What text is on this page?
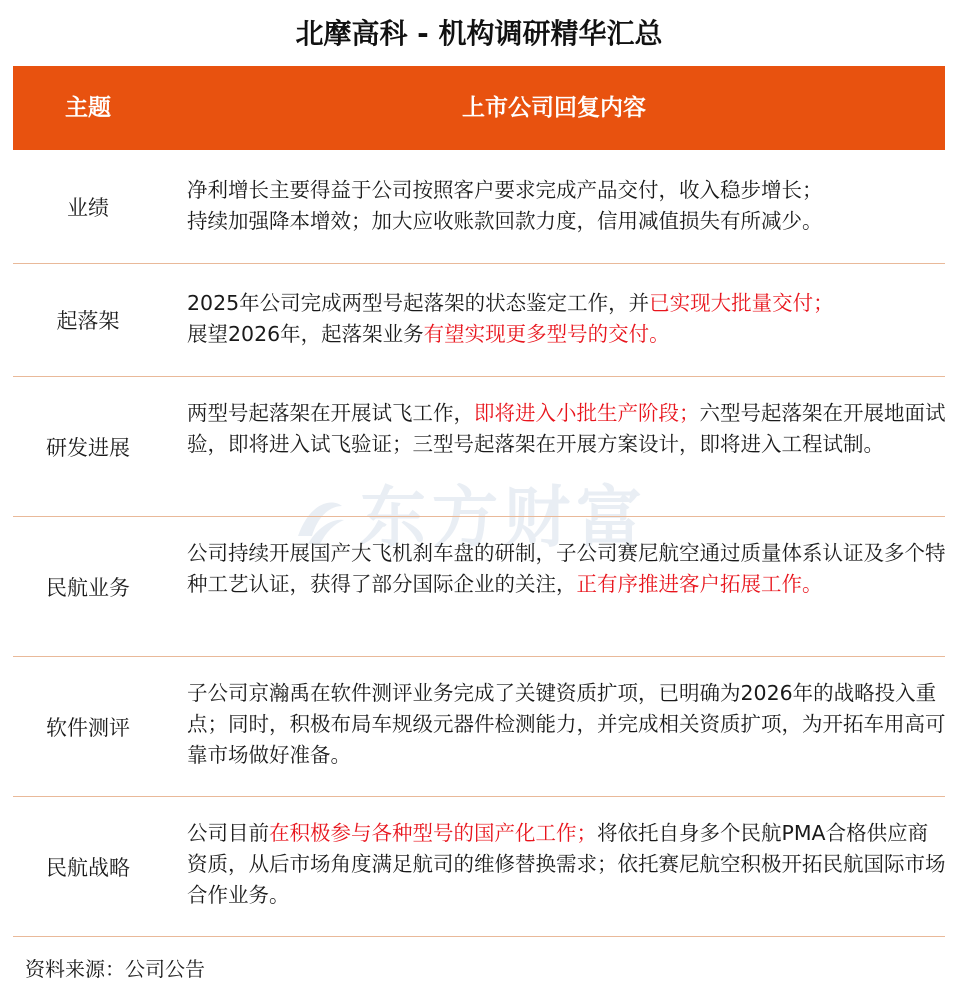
北摩高科 - 机构调研精华汇总
主题	上市公司回复内容
东方财富
业绩
净利增长主要得益于公司按照客户要求完成产品交付，收入稳步增长；
持续加强降本增效；加大应收账款回款力度，信用减值损失有所减少。
起落架
2025年公司完成两型号起落架的状态鉴定工作，并已实现大批量交付；
展望2026年，起落架业务有望实现更多型号的交付。
研发进展
两型号起落架在开展试飞工作，即将进入小批生产阶段；六型号起落架在开展地面试验，即将进入试飞验证；三型号起落架在开展方案设计，即将进入工程试制。
民航业务
公司持续开展国产大飞机刹车盘的研制，子公司赛尼航空通过质量体系认证及多个特种工艺认证，获得了部分国际企业的关注，正有序推进客户拓展工作。
软件测评
子公司京瀚禹在软件测评业务完成了关键资质扩项，已明确为2026年的战略投入重点；同时，积极布局车规级元器件检测能力，并完成相关资质扩项，为开拓车用高可靠市场做好准备。
民航战略
公司目前在积极参与各种型号的国产化工作；将依托自身多个民航PMA合格供应商资质，从后市场角度满足航司的维修替换需求；依托赛尼航空积极开拓民航国际市场合作业务。
资料来源：公司公告
